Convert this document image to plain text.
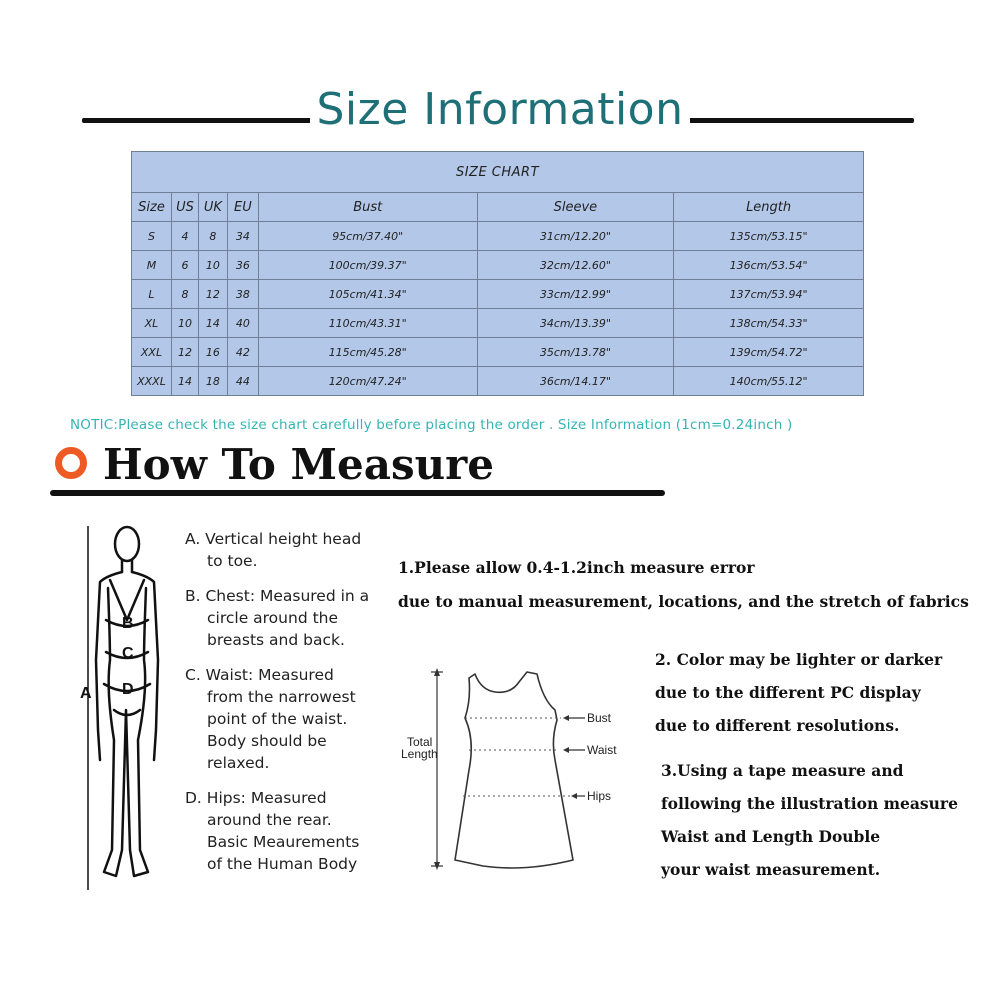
Size Information
SIZE CHART						
Size	US	UK	EU	Bust	Sleeve	Length
S	4	8	34	95cm/37.40"	31cm/12.20"	135cm/53.15"
M	6	10	36	100cm/39.37"	32cm/12.60"	136cm/53.54"
L	8	12	38	105cm/41.34"	33cm/12.99"	137cm/53.94"
XL	10	14	40	110cm/43.31"	34cm/13.39"	138cm/54.33"
XXL	12	16	42	115cm/45.28"	35cm/13.78"	139cm/54.72"
XXXL	14	18	44	120cm/47.24"	36cm/14.17"	140cm/55.12"
NOTIC:Please check the size chart carefully before placing the order . Size Information (1cm=0.24inch )
How To Measure
A
B
C
D
A. Vertical height head
to toe.
B. Chest: Measured in a
circle around the
breasts and back.
C. Waist: Measured
from the narrowest
point of the waist.
Body should be
relaxed.
D. Hips: Measured
around the rear.
Basic Meaurements
of the Human Body
1.Please allow 0.4-1.2inch measure error
due to manual measurement, locations, and the stretch of fabrics
2. Color may be lighter or darker
due to the different PC display
due to different resolutions.
3.Using a tape measure and
following the illustration measure
Waist and Length Double
your waist measurement.
Total
Length
Bust
Waist
Hips
